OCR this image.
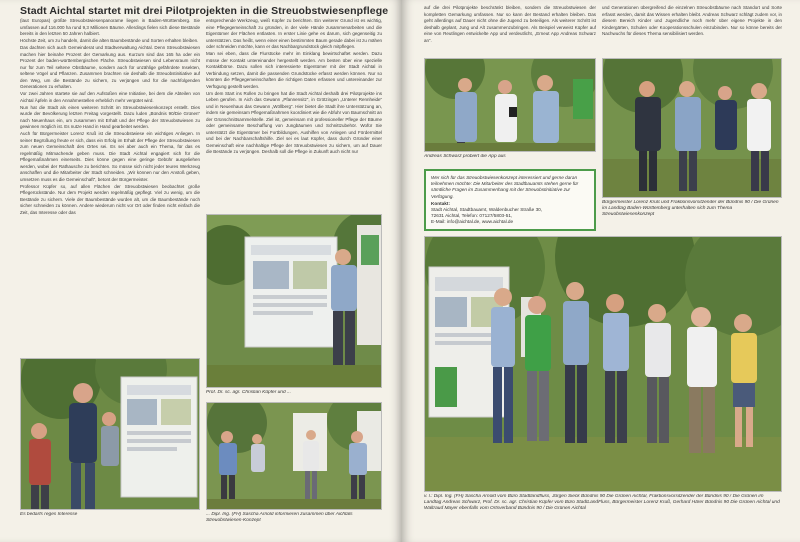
Stadt Aichtal startet mit drei Pilotprojekten in die Streuobstwiesenpflege

(laut Europas) größte Streuobstwiesenpanorame liegen in Baden-Württemberg. Sie umfassen auf 116.000 ha rund 9,3 Millionen Bäume. Allerdings fielen sich diese Bestände bereits in den letzten 50 Jahren halbiert.

Höchste Zeit, um zu handeln, damit die alten Baumbestände und Sorten erhalten bleiben.

Das dachten sich auch Gemeinderat und Stadtverwaltung Aichtal. Denn Streuobstwiesen machen hier beinahe Prozent der Gemarkung aus. Kurzum sind das 165 ha oder ein Prozent der baden-württembergischen Fläche. Streuobstwiesen sind Lebensraum nicht nur für zum Teil seltene Obstbäume, sondern auch für unzählige gefährdete Insekten, seltene Vögel und Pflanzen. Zusammen brachten sie deshalb die Streuobstinitiative auf den Weg, um die Bestände zu sichern, zu verjüngen und für die nachfolgenden Generationen zu erhalten.

Vor zwei Jahren startete sie auf den Aufstoßen eine Initiative, bei dem die Abteilen von Aichtal Äpfeln in den Annahmestellen erheblich mehr vergütet wird.

Nun hat die Stadt als einen weiteren Schritt im Streuobstwiesenkonzept erstellt. Dies wurde der Bevölkerung letzten Freitag vorgestellt. Dazu luden „Bündnis 90/Die Grünen“ nach Neuenhaus ein, um zusammen mit Erhalt und der Pflege der Streuobstwiesen zu gewinnen möglich ist. Es nutze Hand in Hand gearbeitet werden.

Auch für Bürgermeister Lorenz Kruß ist die Streuobstwiese ein wichtiges Anliegen. In seiner Begrüßung freute er sich, dass ein Erfolg im Erhalt der Pflege der Streuobstwiesen zum neuen Gemeinschaft des Ortes sei. Es sei aber auch ein Thema, für das es regelmäßig Mitmachende geben muss. Die Stadt Aichtal engagiert sich für die Pflegemaßnahmen einerseits. Dies könne gegen eine geringe Gebühr ausgeliehen werden, wobei der Rathausche zu berichten. So müsse sich nicht jeder teures Werkzeug anschaffen und die Mitarbeiter der Stadt schneiden. „Wir können nur den Anstoß geben, umsetzen muss es die Gemeinschaft“, betont der Bürgermeister.

Professor Küpfer so, auf allen Flächen der Streuobstwiesen beobachtet große Pflegerückstände. Nur dem Projekt werden regelmäßig gepflegt. Viel zu wenig, um die Bestände zu sichern. Viele der Baumbestände wurden alt, um die Baumbestände noch sicher schneiden zu können. Andere wiederum nicht vor Ort oder finden nicht einfach die Zeit, das Interesse oder das

entsprechende Werkzeug, weiß Küpfer zu berichten. Ein weiterer Grund ist es wichtig, eine Pflegegemeinschaft zu gründen, in der viele Hände zusammenarbeiten und die Eigentümer der Flächen entlasten. In erster Linie gehe es darum, sich gegenseitig zu unterstützen. Das heißt, wenn einer einen bestimmten Baum gerade dabei ist zu mähen oder schneiden möchte, kann er das Nachbargrundstück gleich mitpflegen.

Man sei eben, dass die Flurstücke mehr im Einklang bewirtschaftet werden. Dazu müsse der Kontakt untereinander hergestellt werden. Am besten über eine spezielle Kontaktbörse. Dazu sollen sich interessierte Eigentümer mit der Stadt Aichtal in Verbindung setzen, damit die passenden Grundstücke erfasst werden können. Nur so könnten die Pflegegemeinschaften die richtigen Daten erfassen und untereinander zur Verfügung gestellt werden.

Um dem Start ins Rollen zu bringen hat die Stadt Aichtal deshalb drei Pilotprojekte ins Leben gerufen. In Aich das Gewann „Pfannensitz“, in Grötzingen „Unterer Rennheide“ und in Neuenhaus das Gewann „Wöllberg“. Hier bietet die Stadt ihre Unterstützung an, indem sie gemeinsam Pflegemaßnahmen koordiniert wie die Abfuhr von Baumschnitt an der Grünschnittsammelstelle. Ziel ist, gemeinsam mit professioneller Pflege der Bäume oder gemeinsame Beschaffung von Jungbäumen und Schnittzubehör. Wofür Sie unterstützt die Eigentümer bei Fortbildungen, Aushilfen von Anlegen und Fördermittel und bei der Nachbarschaftshilfe. Ziel sei es laut Küpfer, dass durch Gründer einer Gemeinschaft eine nachhaltige Pflege der Streuobstwiesen zu sichern, um auf Dauer die Bestände zu verjüngen. Deshalb soll die Pflege in Zukunft auch nicht nur

Prof. Dr. sc. agr. Christian Küpfer und ...
... Dipl. Ing. (FH) Sascha Arnold informieren zusammen über Aichtals Streuobstwiesen-Konzept
Es bedarfs reges Interesse

auf die drei Pilotprojekte beschränkt bleiben, sondern die Streuobstwiesen der kompletten Gemarkung umfassen. Nur so kann der Bestand erhalten bleiben. Das geht allerdings auf Dauer nicht ohne die Jugend zu beteiligen. Als weiterer Schritt ist deshalb geplant, Jung und Alt zusammenzubringen. Als Beispiel verweist Küpfer auf eine von Reutlingen entwickelte App und verdeutlicht, „Erneut App Andreas Schwarz an“.

und Generationen übergreifend die einzelnen Streuobstbäume nach Standort und Sorte erfasst werden, damit das Wissen erhalten bleibt. Andreas Schwarz schlägt zudem vor, in diesem Bereich Kinder und Jugendliche noch mehr über eigene Projekte in den Kindergärten, Schulen oder Kooperationsschulen einzubinden. Nur so könne bereits der Nachwuchs für dieses Thema sensibilisiert werden.

Andreas Schwarz probiert die App aus
Bürgermeister Lorenz Kruß und Fraktionsvorsitzender der Bündnis 90 / Die Grünen im Landtag Baden-Württemberg unterhalten sich zum Thema Streuobstwiesenkonzept
v. l.: Dipl. Ing. (FH) Sascha Arnold vom Büro Stadtlandfluss, Jürgen Sieck Bündnis 90 Die Grünen Aichtal, Fraktionsvorsitzender der Bündnis 90 / Die Grünen im Landtag Andreas Schwarz, Prof. Dr. sc. agr. Christian Küpfer vom Büro StadtLandFluss, Bürgermeister Lorenz Kruß, Gerhard Härer Bündnis 90 Die Grünen Aichtal und Waltraud Mayer ebenfalls vom Ortsverband Bündnis 90 / Die Grünen Aichtal
Wer sich für das Streuobstwiesenkonzept interessiert und gerne daran teilnehmen möchte: Die Mitarbeiter des Stadtbauamts stehen gerne für sämtliche Fragen im Zusammenhang mit der Streuobstinitiative zur Verfügung.
Kontakt:
Stadt Aichtal, Stadtbauamt, Waldenbucher Straße 30,
72631 Aichtal, Telefon: 07127/5803-51,
E-Mail: info@aichtal.de, www.aichtal.de
